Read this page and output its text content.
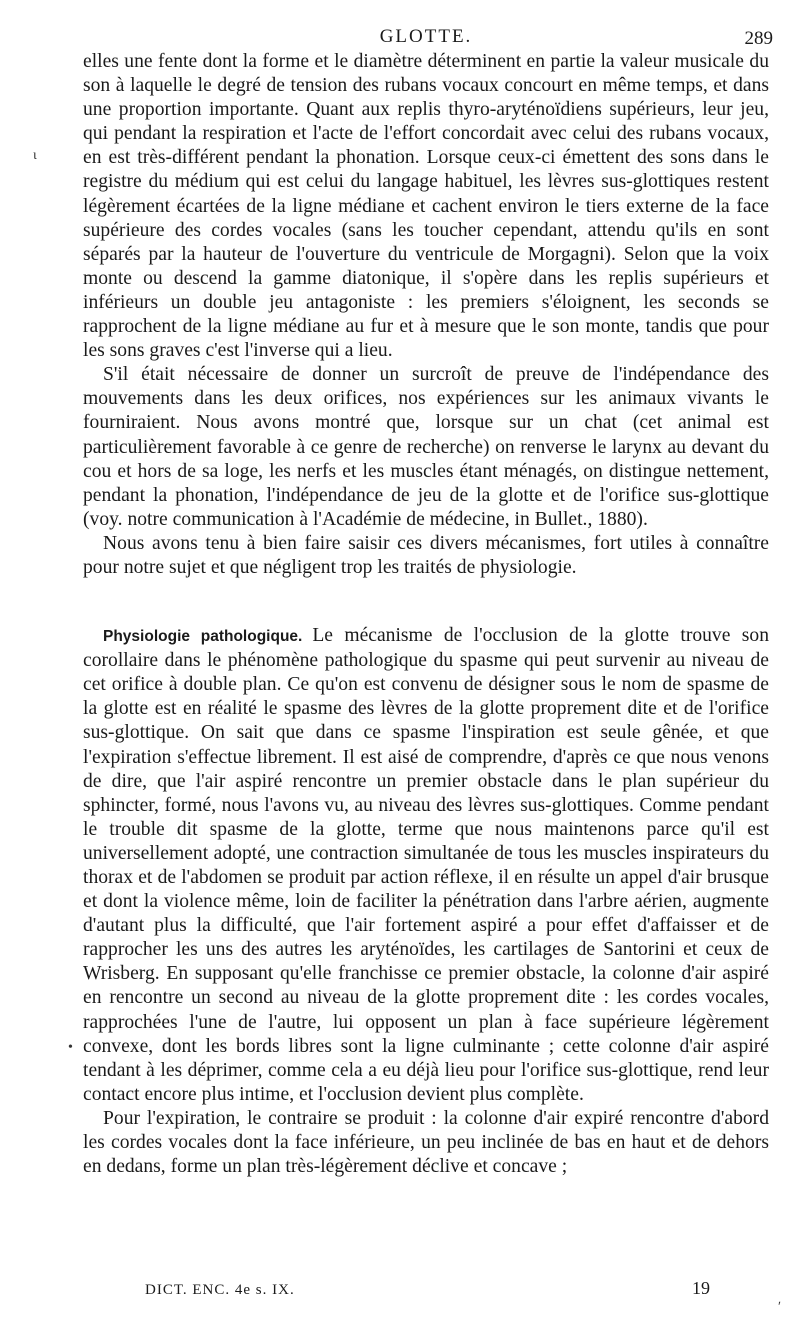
GLOTTE.	289

elles une fente dont la forme et le diamètre déterminent en partie la valeur musicale du son à laquelle le degré de tension des rubans vocaux concourt en même temps, et dans une proportion importante. Quant aux replis thyro-aryténoïdiens supérieurs, leur jeu, qui pendant la respiration et l'acte de l'effort concordait avec celui des rubans vocaux, en est très-différent pendant la phonation. Lorsque ceux-ci émettent des sons dans le registre du médium qui est celui du langage habituel, les lèvres sus-glottiques restent légèrement écartées de la ligne médiane et cachent environ le tiers externe de la face supérieure des cordes vocales (sans les toucher cependant, attendu qu'ils en sont séparés par la hauteur de l'ouverture du ventricule de Morgagni). Selon que la voix monte ou descend la gamme diatonique, il s'opère dans les replis supérieurs et inférieurs un double jeu antagoniste : les premiers s'éloignent, les seconds se rapprochent de la ligne médiane au fur et à mesure que le son monte, tandis que pour les sons graves c'est l'inverse qui a lieu.

S'il était nécessaire de donner un surcroît de preuve de l'indépendance des mouvements dans les deux orifices, nos expériences sur les animaux vivants le fourniraient. Nous avons montré que, lorsque sur un chat (cet animal est particulièrement favorable à ce genre de recherche) on renverse le larynx au devant du cou et hors de sa loge, les nerfs et les muscles étant ménagés, on distingue nettement, pendant la phonation, l'indépendance de jeu de la glotte et de l'orifice sus-glottique (voy. notre communication à l'Académie de médecine, in Bullet., 1880).

Nous avons tenu à bien faire saisir ces divers mécanismes, fort utiles à connaître pour notre sujet et que négligent trop les traités de physiologie.

Physiologie pathologique. Le mécanisme de l'occlusion de la glotte trouve son corollaire dans le phénomène pathologique du spasme qui peut survenir au niveau de cet orifice à double plan. Ce qu'on est convenu de désigner sous le nom de spasme de la glotte est en réalité le spasme des lèvres de la glotte proprement dite et de l'orifice sus-glottique. On sait que dans ce spasme l'inspiration est seule gênée, et que l'expiration s'effectue librement. Il est aisé de comprendre, d'après ce que nous venons de dire, que l'air aspiré rencontre un premier obstacle dans le plan supérieur du sphincter, formé, nous l'avons vu, au niveau des lèvres sus-glottiques. Comme pendant le trouble dit spasme de la glotte, terme que nous maintenons parce qu'il est universellement adopté, une contraction simultanée de tous les muscles inspirateurs du thorax et de l'abdomen se produit par action réflexe, il en résulte un appel d'air brusque et dont la violence même, loin de faciliter la pénétration dans l'arbre aérien, augmente d'autant plus la difficulté, que l'air fortement aspiré a pour effet d'affaisser et de rapprocher les uns des autres les aryténoïdes, les cartilages de Santorini et ceux de Wrisberg. En supposant qu'elle franchisse ce premier obstacle, la colonne d'air aspiré en rencontre un second au niveau de la glotte proprement dite : les cordes vocales, rapprochées l'une de l'autre, lui opposent un plan à face supérieure légèrement convexe, dont les bords libres sont la ligne culminante ; cette colonne d'air aspiré tendant à les déprimer, comme cela a eu déjà lieu pour l'orifice sus-glottique, rend leur contact encore plus intime, et l'occlusion devient plus complète.

Pour l'expiration, le contraire se produit : la colonne d'air expiré rencontre d'abord les cordes vocales dont la face inférieure, un peu inclinée de bas en haut et de dehors en dedans, forme un plan très-légèrement déclive et concave ;

DICT. ENC. 4e s. IX.	19
ɩ
•
ʹ
